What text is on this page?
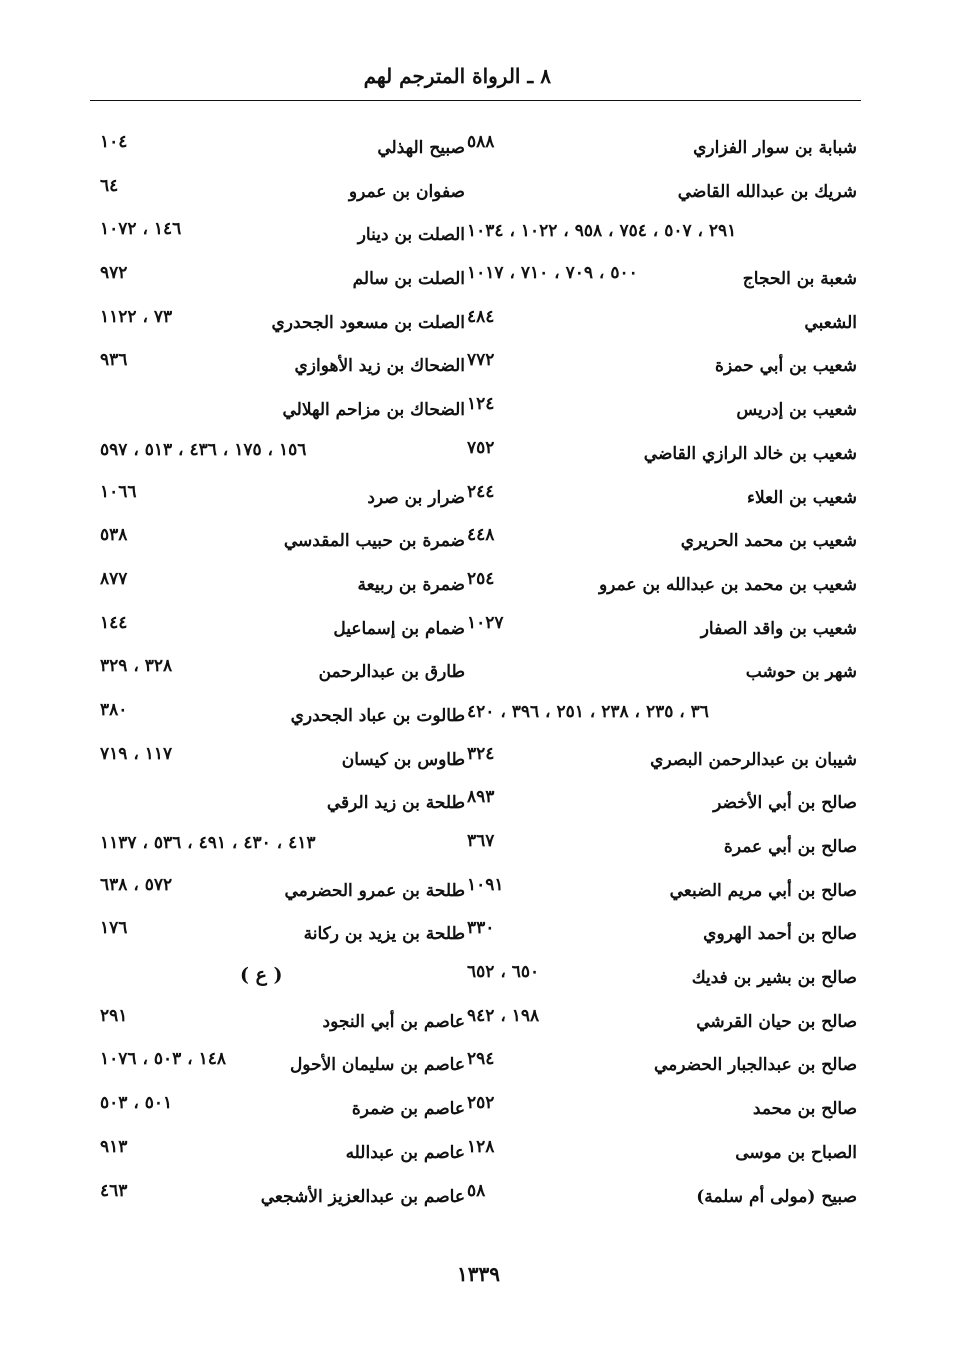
٨ ـ الرواة المترجم لهم
شبابة بن سوار الفزاري
٥٨٨
شريك بن عبدالله القاضي
٢٩١ ، ٥٠٧ ، ٧٥٤ ، ٩٥٨ ، ١٠٢٢ ، ١٠٣٤
شعبة بن الحجاج
٥٠٠ ، ٧٠٩ ، ٧١٠ ، ١٠١٧
الشعبي
٤٨٤
شعيب بن أبي حمزة
٧٧٢
شعيب بن إدريس
١٢٤
شعيب بن خالد الرازي القاضي
٧٥٢
شعيب بن العلاء
٢٤٤
شعيب بن محمد الحريري
٤٤٨
شعيب بن محمد بن عبدالله بن عمرو
٢٥٤
شعيب بن واقد الصفار
١٠٢٧
شهر بن حوشب
٣٦ ، ٢٣٥ ، ٢٣٨ ، ٢٥١ ، ٣٩٦ ، ٤٢٠
شيبان بن عبدالرحمن البصري
٣٢٤
صالح بن أبي الأخضر
٨٩٣
صالح بن أبي عمرة
٣٦٧
صالح بن أبي مريم الضبعي
١٠٩١
صالح بن أحمد الهروي
٣٣٠
صالح بن بشير بن فديك
٦٥٠ ، ٦٥٢
صالح بن حيان القرشي
١٩٨ ، ٩٤٢
صالح بن عبدالجبار الحضرمي
٢٩٤
صالح بن محمد
٢٥٢
الصباح بن موسى
١٢٨
صبيح (مولى أم سلمة)
٥٨
صبيح الهذلي
١٠٤
صفوان بن عمرو
٦٤
الصلت بن دينار
١٤٦ ، ١٠٧٢
الصلت بن سالم
٩٧٢
الصلت بن مسعود الجحدري
٧٣ ، ١١٢٢
الضحاك بن زيد الأهوازي
٩٣٦
الضحاك بن مزاحم الهلالي
١٥٦ ، ١٧٥ ، ٤٣٦ ، ٥١٣ ، ٥٩٧
ضرار بن صرد
١٠٦٦
ضمرة بن حبيب المقدسي
٥٣٨
ضمرة بن ربيعة
٨٧٧
ضمام بن إسماعيل
١٤٤
طارق بن عبدالرحمن
٣٢٨ ، ٣٢٩
طالوت بن عباد الجحدري
٣٨٠
طاوس بن كيسان
١١٧ ، ٧١٩
طلحة بن زيد الرقي
٤١٣ ، ٤٣٠ ، ٤٩١ ، ٥٣٦ ، ١١٣٧
طلحة بن عمرو الحضرمي
٥٧٢ ، ٦٣٨
طلحة بن يزيد بن ركانة
١٧٦
( ع )
عاصم بن أبي النجود
٢٩١
عاصم بن سليمان الأحول
١٤٨ ، ٥٠٣ ، ١٠٧٦
عاصم بن ضمرة
٥٠١ ، ٥٠٣
عاصم بن عبدالله
٩١٣
عاصم بن عبدالعزيز الأشجعي
٤٦٣
١٣٣٩
